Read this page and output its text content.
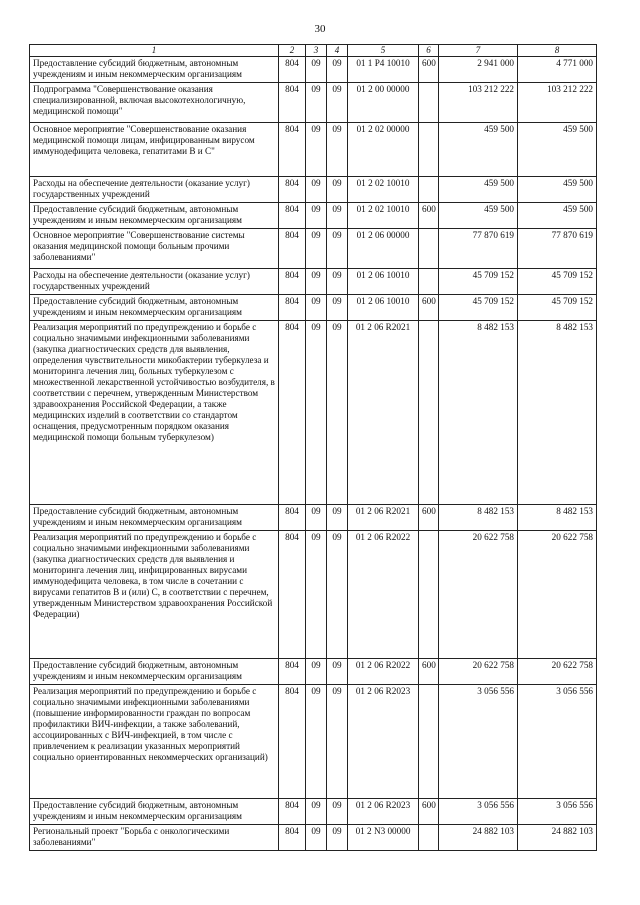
30
1	2	3	4	5	6	7	8
Предоставление субсидий бюджетным, автономным учреждениям и иным некоммерческим организациям	804	09	09	01 1 P4 10010	600	2 941 000	4 771 000
Подпрограмма "Совершенствование оказания специализированной, включая высокотехнологичную, медицинской помощи"	804	09	09	01 2 00 00000		103 212 222	103 212 222
Основное мероприятие "Совершенствование оказания медицинской помощи лицам, инфицированным вирусом иммунодефицита человека, гепатитами В и С"	804	09	09	01 2 02 00000		459 500	459 500
Расходы на обеспечение деятельности (оказание услуг) государственных учреждений	804	09	09	01 2 02 10010		459 500	459 500
Предоставление субсидий бюджетным, автономным учреждениям и иным некоммерческим организациям	804	09	09	01 2 02 10010	600	459 500	459 500
Основное мероприятие "Совершенствование системы оказания медицинской помощи больным прочими заболеваниями"	804	09	09	01 2 06 00000		77 870 619	77 870 619
Расходы на обеспечение деятельности (оказание услуг) государственных учреждений	804	09	09	01 2 06 10010		45 709 152	45 709 152
Предоставление субсидий бюджетным, автономным учреждениям и иным некоммерческим организациям	804	09	09	01 2 06 10010	600	45 709 152	45 709 152
Реализация мероприятий по предупреждению и борьбе с социально значимыми инфекционными заболеваниями (закупка диагностических средств для выявления, определения чувствительности микобактерии туберкулеза и мониторинга лечения лиц, больных туберкулезом с множественной лекарственной устойчивостью возбудителя, в соответствии с перечнем, утвержденным Министерством здравоохранения Российской Федерации, а также медицинских изделий в соответствии со стандартом оснащения, предусмотренным порядком оказания медицинской помощи больным туберкулезом)	804	09	09	01 2 06 R2021		8 482 153	8 482 153
Предоставление субсидий бюджетным, автономным учреждениям и иным некоммерческим организациям	804	09	09	01 2 06 R2021	600	8 482 153	8 482 153
Реализация мероприятий по предупреждению и борьбе с социально значимыми инфекционными заболеваниями (закупка диагностических средств для выявления и мониторинга лечения лиц, инфицированных вирусами иммунодефицита человека, в том числе в сочетании с вирусами гепатитов В и (или) С, в соответствии с перечнем, утвержденным Министерством здравоохранения Российской Федерации)	804	09	09	01 2 06 R2022		20 622 758	20 622 758
Предоставление субсидий бюджетным, автономным учреждениям и иным некоммерческим организациям	804	09	09	01 2 06 R2022	600	20 622 758	20 622 758
Реализация мероприятий по предупреждению и борьбе с социально значимыми инфекционными заболеваниями (повышение информированности граждан по вопросам профилактики ВИЧ-инфекции, а также заболеваний, ассоциированных с ВИЧ-инфекцией, в том числе с привлечением к реализации указанных мероприятий социально ориентированных некоммерческих организаций)	804	09	09	01 2 06 R2023		3 056 556	3 056 556
Предоставление субсидий бюджетным, автономным учреждениям и иным некоммерческим организациям	804	09	09	01 2 06 R2023	600	3 056 556	3 056 556
Региональный проект "Борьба с онкологическими заболеваниями"	804	09	09	01 2 N3 00000		24 882 103	24 882 103
